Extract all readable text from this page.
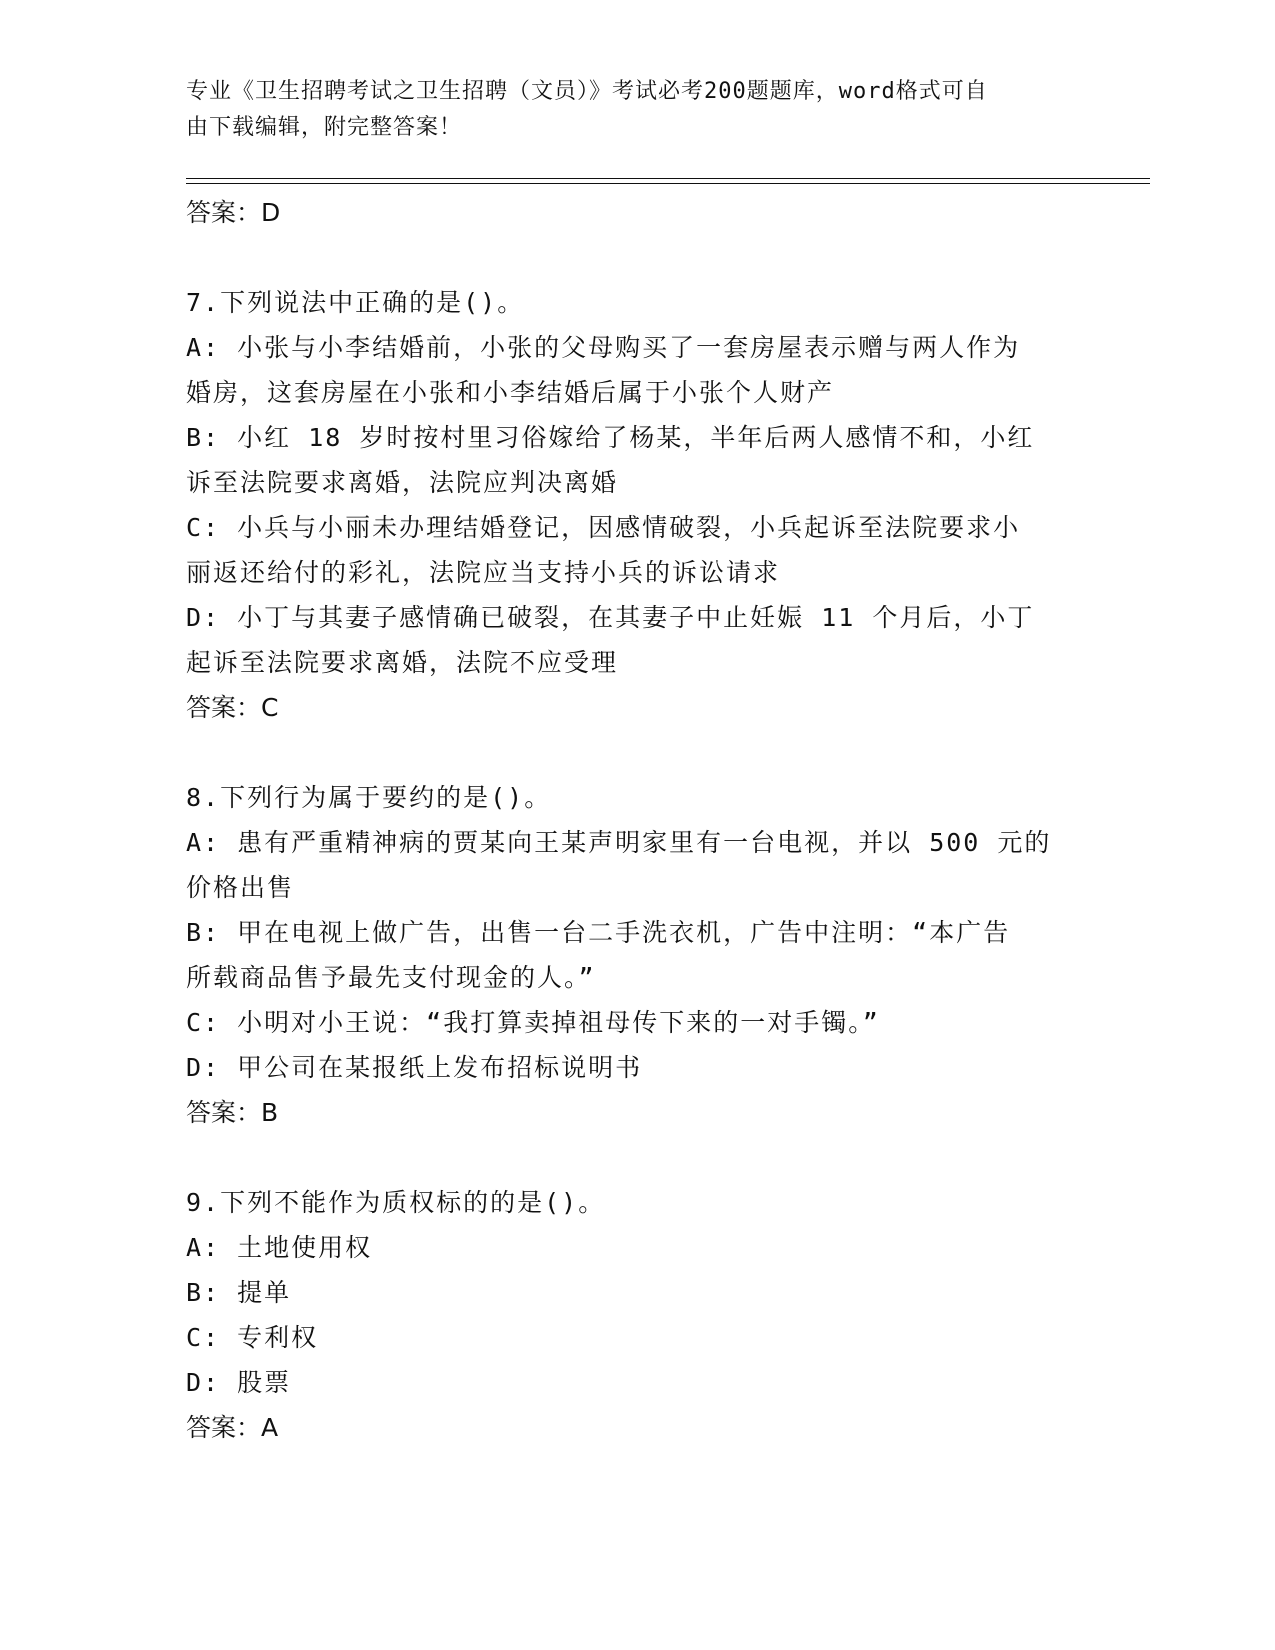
专业《卫生招聘考试之卫生招聘（文员）》考试必考200题题库，word格式可自
由下载编辑，附完整答案！
答案：D
7.下列说法中正确的是()。
A: 小张与小李结婚前，小张的父母购买了一套房屋表示赠与两人作为
婚房，这套房屋在小张和小李结婚后属于小张个人财产
B: 小红 18 岁时按村里习俗嫁给了杨某，半年后两人感情不和，小红
诉至法院要求离婚，法院应判决离婚
C: 小兵与小丽未办理结婚登记，因感情破裂，小兵起诉至法院要求小
丽返还给付的彩礼，法院应当支持小兵的诉讼请求
D: 小丁与其妻子感情确已破裂，在其妻子中止妊娠 11 个月后，小丁
起诉至法院要求离婚，法院不应受理
答案：C
8.下列行为属于要约的是()。
A: 患有严重精神病的贾某向王某声明家里有一台电视，并以 500 元的
价格出售
B: 甲在电视上做广告，出售一台二手洗衣机，广告中注明：“本广告
所载商品售予最先支付现金的人。”
C: 小明对小王说：“我打算卖掉祖母传下来的一对手镯。”
D: 甲公司在某报纸上发布招标说明书
答案：B
9.下列不能作为质权标的的是()。
A: 土地使用权
B: 提单
C: 专利权
D: 股票
答案：A
